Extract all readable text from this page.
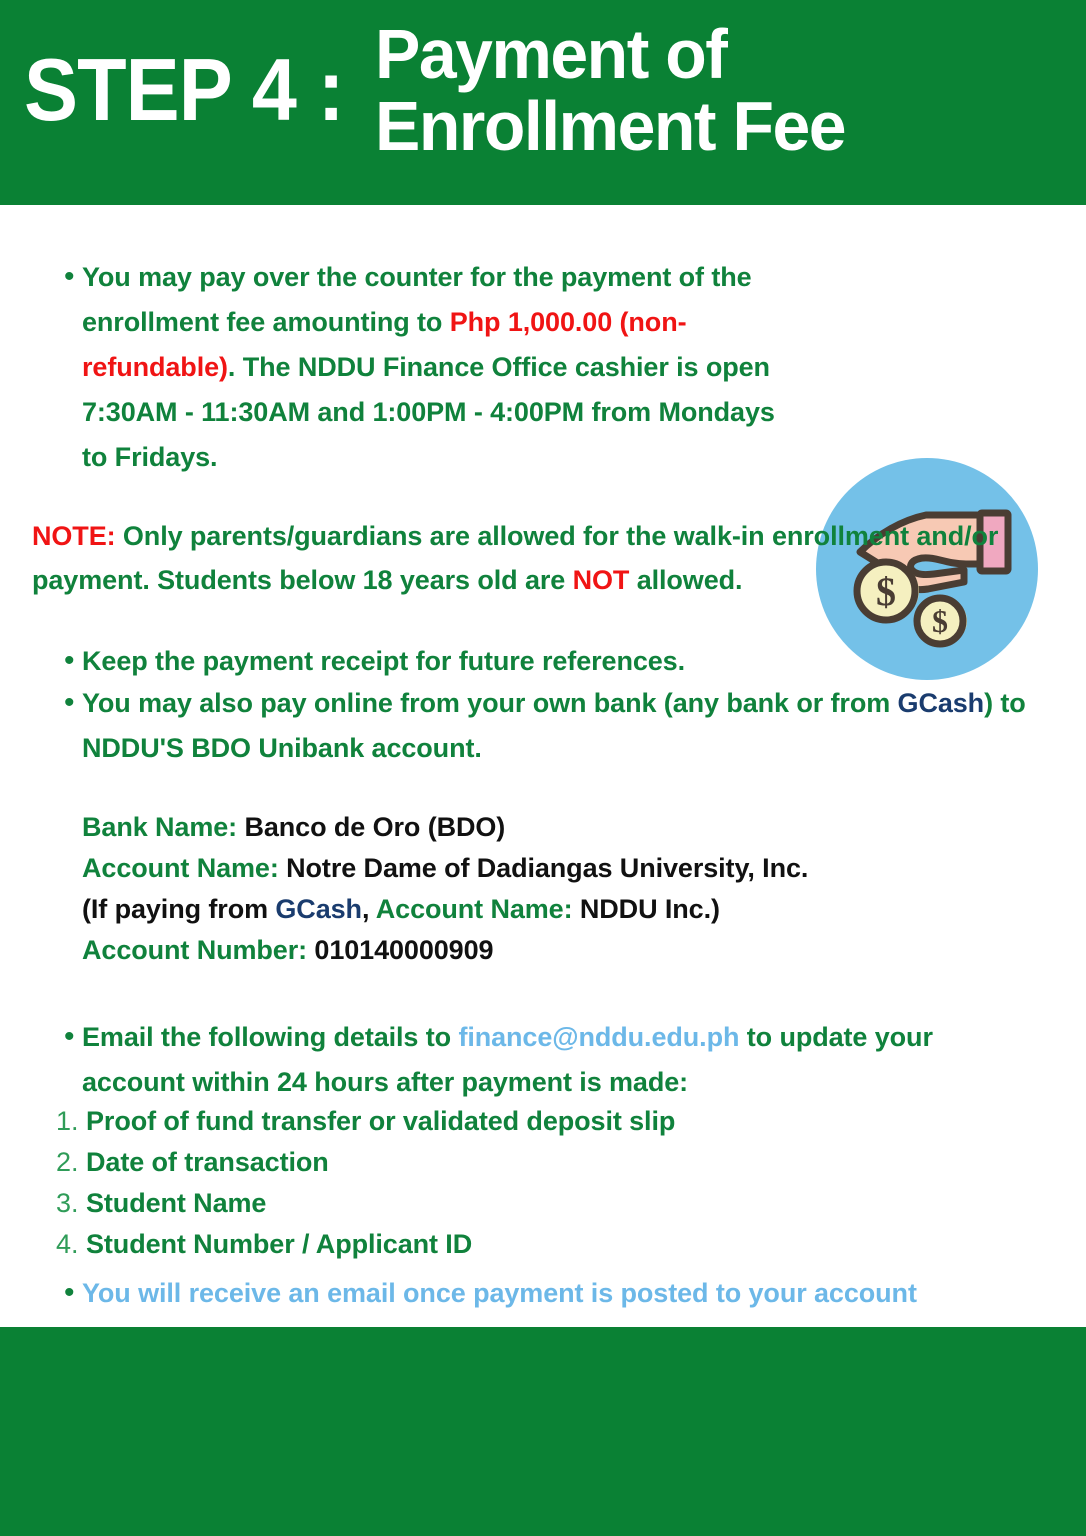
STEP 4 : Payment of
Enrollment Fee
$
$
• You may pay over the counter for the payment of the enrollment fee amounting to Php 1,000.00 (non-refundable). The NDDU Finance Office cashier is open 7:30AM - 11:30AM and 1:00PM - 4:00PM from Mondays to Fridays.
NOTE: Only parents/guardians are allowed for the walk-in enrollment and/or payment. Students below 18 years old are NOT allowed.
• Keep the payment receipt for future references.
• You may also pay online from your own bank (any bank or from GCash) to NDDU'S BDO Unibank account.
Bank Name: Banco de Oro (BDO)
Account Name: Notre Dame of Dadiangas University, Inc.
(If paying from GCash, Account Name: NDDU Inc.)
Account Number: 010140000909
• Email the following details to finance@nddu.edu.ph to update your account within 24 hours after payment is made:
1. Proof of fund transfer or validated deposit slip
2. Date of transaction
3. Student Name
4. Student Number / Applicant ID
• You will receive an email once payment is posted to your account
